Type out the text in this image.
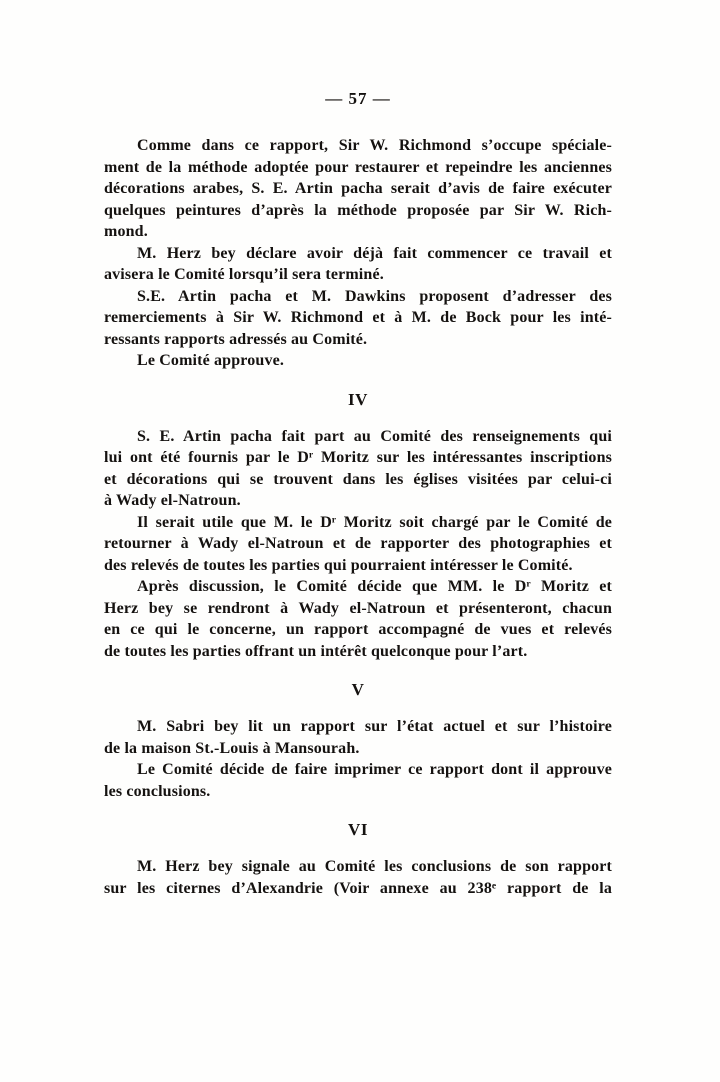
— 57 —
Comme dans ce rapport, Sir W. Richmond s’occupe spéciale-
ment de la méthode adoptée pour restaurer et repeindre les anciennes
décorations arabes, S. E. Artin pacha serait d’avis de faire exécuter
quelques peintures d’après la méthode proposée par Sir W. Rich-
mond.
M. Herz bey déclare avoir déjà fait commencer ce travail et
avisera le Comité lorsqu’il sera terminé.
S.E. Artin pacha et M. Dawkins proposent d’adresser des
remerciements à Sir W. Richmond et à M. de Bock pour les inté-
ressants rapports adressés au Comité.
Le Comité approuve.
IV
S. E. Artin pacha fait part au Comité des renseignements qui
lui ont été fournis par le Dʳ Moritz sur les intéressantes inscriptions
et décorations qui se trouvent dans les églises visitées par celui-ci
à Wady el-Natroun.
Il serait utile que M. le Dʳ Moritz soit chargé par le Comité de
retourner à Wady el-Natroun et de rapporter des photographies et
des relevés de toutes les parties qui pourraient intéresser le Comité.
Après discussion, le Comité décide que MM. le Dʳ Moritz et
Herz bey se rendront à Wady el-Natroun et présenteront, chacun
en ce qui le concerne, un rapport accompagné de vues et relevés
de toutes les parties offrant un intérêt quelconque pour l’art.
V
M. Sabri bey lit un rapport sur l’état actuel et sur l’histoire
de la maison St.-Louis à Mansourah.
Le Comité décide de faire imprimer ce rapport dont il approuve
les conclusions.
VI
M. Herz bey signale au Comité les conclusions de son rapport
sur les citernes d’Alexandrie (Voir annexe au 238ᵉ rapport de la
